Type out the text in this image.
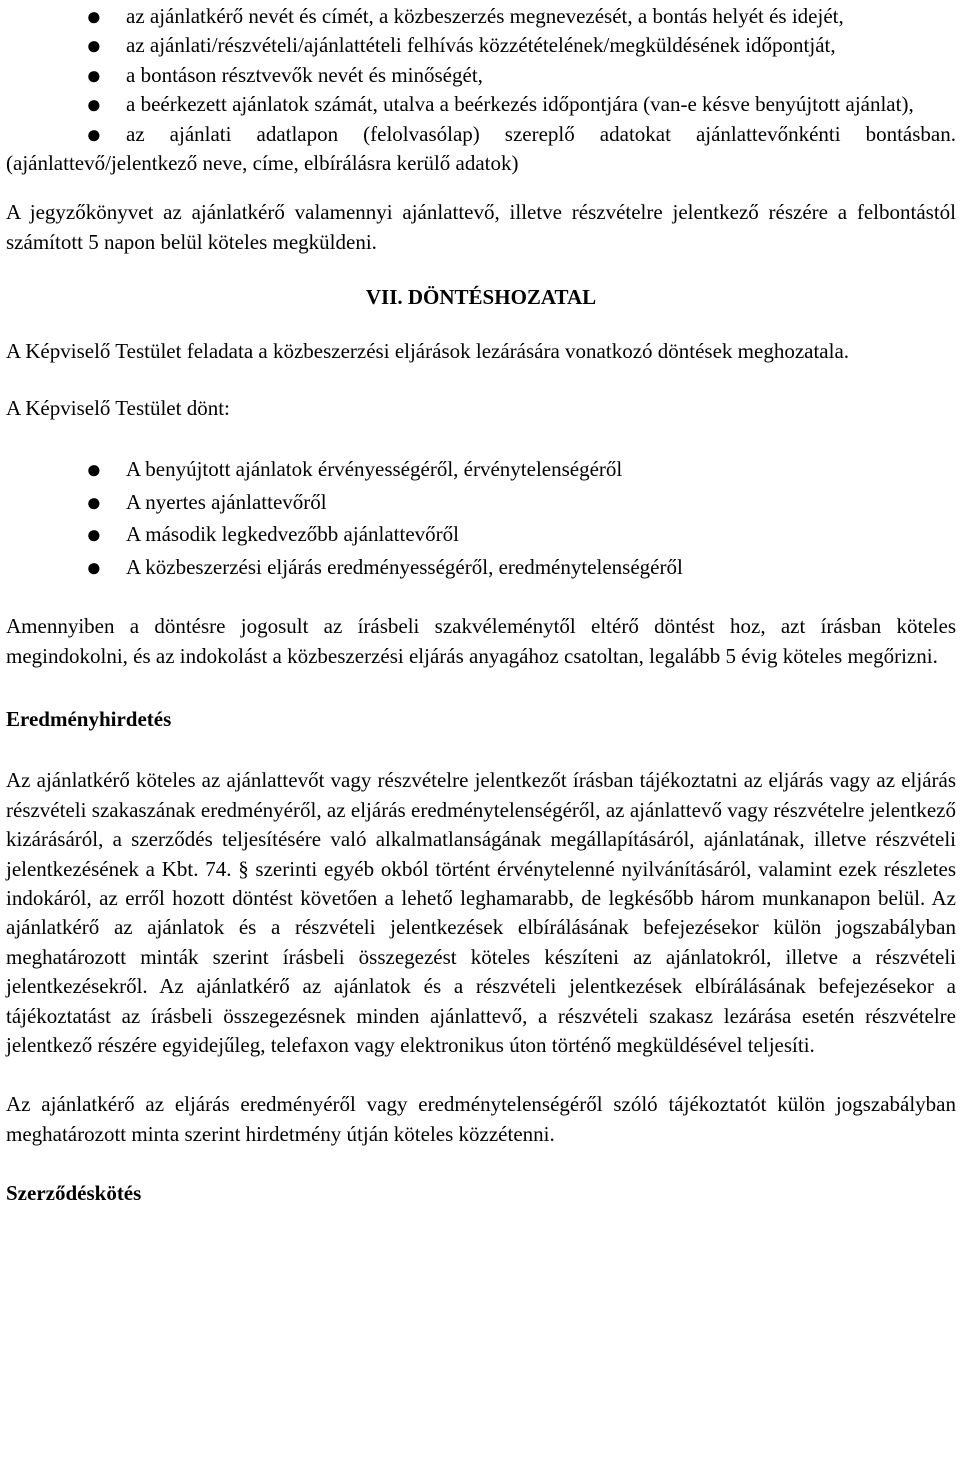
● az ajánlatkérő nevét és címét, a közbeszerzés megnevezését, a bontás helyét és idejét,
● az ajánlati/részvételi/ajánlattételi felhívás közzétételének/megküldésének időpontját,
● a bontáson résztvevők nevét és minőségét,
● a beérkezett ajánlatok számát, utalva a beérkezés időpontjára (van-e késve benyújtott ajánlat),
● az ajánlati adatlapon (felolvasólap) szereplő adatokat ajánlattevőnkénti bontásban. (ajánlattevő/jelentkező neve, címe, elbírálásra kerülő adatok)

A jegyzőkönyvet az ajánlatkérő valamennyi ajánlattevő, illetve részvételre jelentkező részére a felbontástól számított 5 napon belül köteles megküldeni.

VII. DÖNTÉSHOZATAL

A Képviselő Testület feladata a közbeszerzési eljárások lezárására vonatkozó döntések meghozatala.

A Képviselő Testület dönt:

● A benyújtott ajánlatok érvényességéről, érvénytelenségéről
● A nyertes ajánlattevőről
● A második legkedvezőbb ajánlattevőről
● A közbeszerzési eljárás eredményességéről, eredménytelenségéről

Amennyiben a döntésre jogosult az írásbeli szakvéleménytől eltérő döntést hoz, azt írásban köteles megindokolni, és az indokolást a közbeszerzési eljárás anyagához csatoltan, legalább 5 évig köteles megőrizni.

Eredményhirdetés

Az ajánlatkérő köteles az ajánlattevőt vagy részvételre jelentkezőt írásban tájékoztatni az eljárás vagy az eljárás részvételi szakaszának eredményéről, az eljárás eredménytelenségéről, az ajánlattevő vagy részvételre jelentkező kizárásáról, a szerződés teljesítésére való alkalmatlanságának megállapításáról, ajánlatának, illetve részvételi jelentkezésének a Kbt. 74. § szerinti egyéb okból történt érvénytelenné nyilvánításáról, valamint ezek részletes indokáról, az erről hozott döntést követően a lehető leghamarabb, de legkésőbb három munkanapon belül. Az ajánlatkérő az ajánlatok és a részvételi jelentkezések elbírálásának befejezésekor külön jogszabályban meghatározott minták szerint írásbeli összegezést köteles készíteni az ajánlatokról, illetve a részvételi jelentkezésekről. Az ajánlatkérő az ajánlatok és a részvételi jelentkezések elbírálásának befejezésekor a tájékoztatást az írásbeli összegezésnek minden ajánlattevő, a részvételi szakasz lezárása esetén részvételre jelentkező részére egyidejűleg, telefaxon vagy elektronikus úton történő megküldésével teljesíti.

Az ajánlatkérő az eljárás eredményéről vagy eredménytelenségéről szóló tájékoztatót külön jogszabályban meghatározott minta szerint hirdetmény útján köteles közzétenni.

Szerződéskötés
